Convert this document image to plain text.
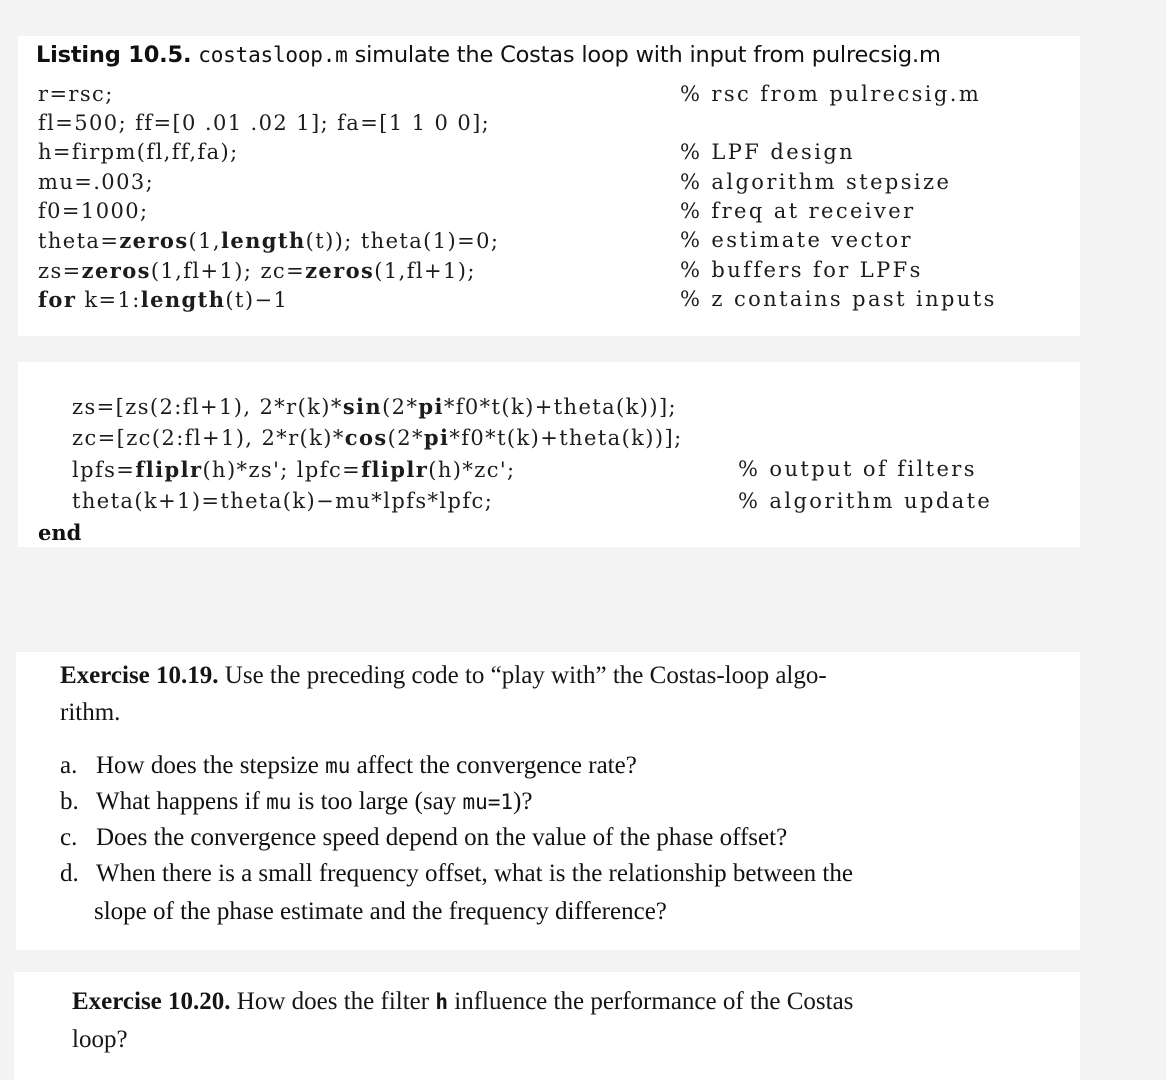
Listing 10.5. costasloop.m simulate the Costas loop with input from pulrecsig.m
r=rsc;	% rsc from pulrecsig.m
fl=500; ff=[0 .01 .02 1]; fa=[1 1 0 0];
h=firpm(fl,ff,fa);	% LPF design
mu=.003;	% algorithm stepsize
f0=1000;	% freq at receiver
theta=zeros(1,length(t)); theta(1)=0;	% estimate vector
zs=zeros(1,fl+1); zc=zeros(1,fl+1);	% buffers for LPFs
for k=1:length(t)−1	% z contains past inputs
zs=[zs(2:fl+1), 2*r(k)*sin(2*pi*f0*t(k)+theta(k))];
zc=[zc(2:fl+1), 2*r(k)*cos(2*pi*f0*t(k)+theta(k))];
lpfs=fliplr(h)*zs'; lpfc=fliplr(h)*zc';	% output of filters
theta(k+1)=theta(k)−mu*lpfs*lpfc;	% algorithm update
end
Exercise 10.19. Use the preceding code to “play with” the Costas-loop algo-
rithm.
a. How does the stepsize mu affect the convergence rate?
b. What happens if mu is too large (say mu=1)?
c. Does the convergence speed depend on the value of the phase offset?
d. When there is a small frequency offset, what is the relationship between the
slope of the phase estimate and the frequency difference?
Exercise 10.20. How does the filter h influence the performance of the Costas
loop?
